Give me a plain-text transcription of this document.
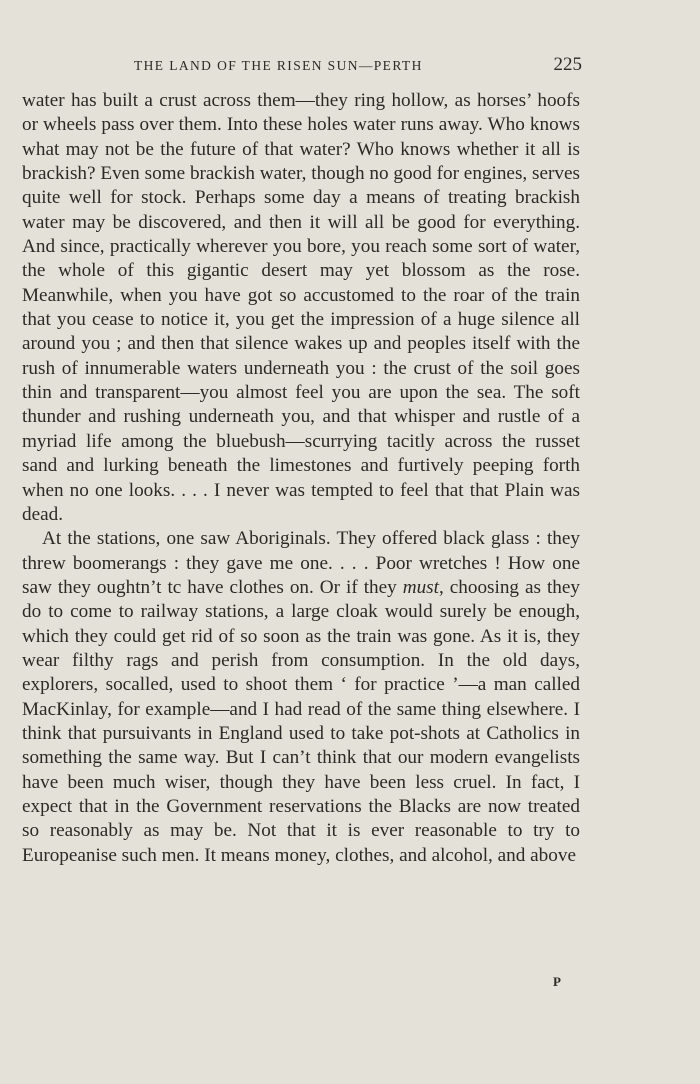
THE LAND OF THE RISEN SUN—PERTH	225

water has built a crust across them—they ring hollow, as horses’ hoofs or wheels pass over them. Into these holes water runs away. Who knows what may not be the future of that water? Who knows whether it all is brackish? Even some brackish water, though no good for engines, serves quite well for stock. Perhaps some day a means of treating brackish water may be discovered, and then it will all be good for everything. And since, practically wherever you bore, you reach some sort of water, the whole of this gigantic desert may yet blossom as the rose. Meanwhile, when you have got so accustomed to the roar of the train that you cease to notice it, you get the impression of a huge silence all around you ; and then that silence wakes up and peoples itself with the rush of innumerable waters underneath you : the crust of the soil goes thin and transparent—you almost feel you are upon the sea. The soft thunder and rushing underneath you, and that whisper and rustle of a myriad life among the bluebush—scurrying tacitly across the russet sand and lurking beneath the limestones and furtively peeping forth when no one looks. . . . I never was tempted to feel that that Plain was dead.

At the stations, one saw Aboriginals. They offered black glass : they threw boomerangs : they gave me one. . . . Poor wretches ! How one saw they oughtn’t tc have clothes on. Or if they must, choosing as they do to come to railway stations, a large cloak would surely be enough, which they could get rid of so soon as the train was gone. As it is, they wear filthy rags and perish from consumption. In the old days, explorers, socalled, used to shoot them ‘ for practice ’—a man called MacKinlay, for example—and I had read of the same thing elsewhere. I think that pursuivants in England used to take pot-shots at Catholics in something the same way. But I can’t think that our modern evangelists have been much wiser, though they have been less cruel. In fact, I expect that in the Government reservations the Blacks are now treated so reasonably as may be. Not that it is ever reasonable to try to Europeanise such men. It means money, clothes, and alcohol, and above

P
